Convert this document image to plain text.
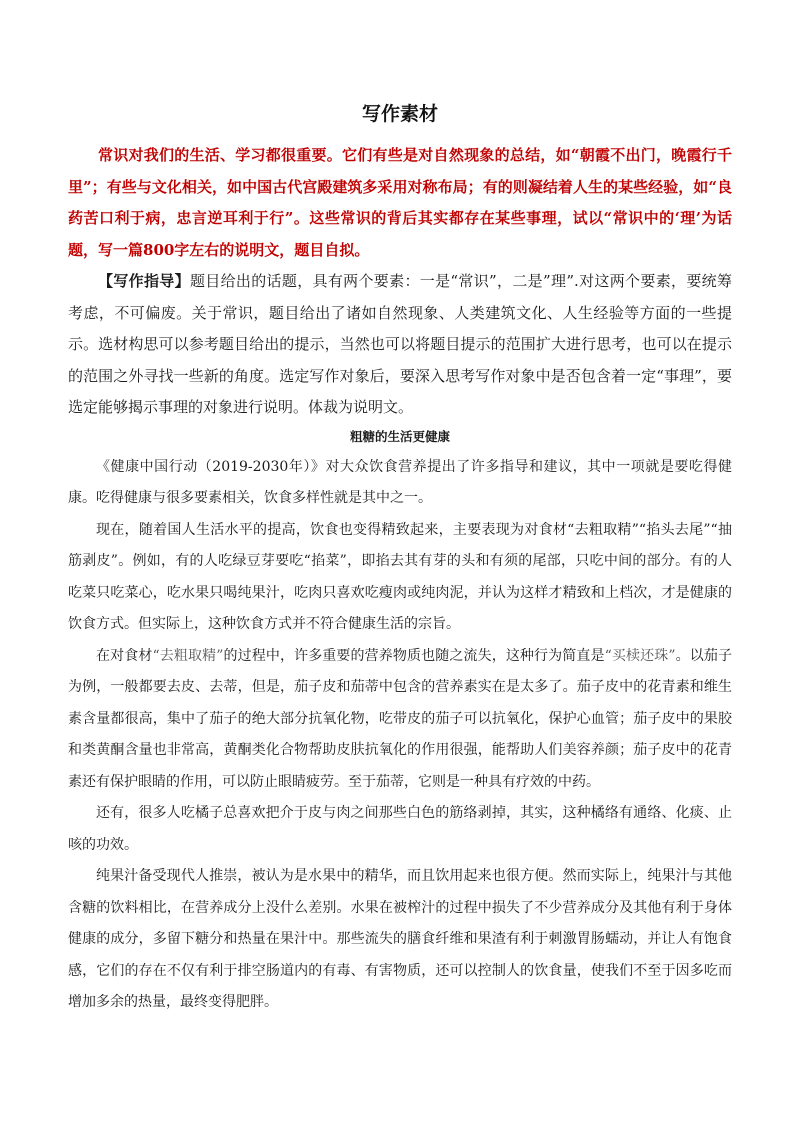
写作素材

常识对我们的生活、学习都很重要。它们有些是对自然现象的总结，如“朝霞不出门，晚霞行千里”；有些与文化相关，如中国古代宫殿建筑多采用对称布局；有的则凝结着人生的某些经验，如“良药苦口利于病，忠言逆耳利于行”。这些常识的背后其实都存在某些事理，试以“常识中的‘理’为话题，写一篇800字左右的说明文，题目自拟。

【写作指导】题目给出的话题，具有两个要素：一是“常识”，二是”理”.对这两个要素，要统筹考虑，不可偏废。关于常识，题目给出了诸如自然现象、人类建筑文化、人生经验等方面的一些提示。选材构思可以参考题目给出的提示，当然也可以将题目提示的范围扩大进行思考，也可以在提示的范围之外寻找一些新的角度。选定写作对象后，要深入思考写作对象中是否包含着一定“事理”，要选定能够揭示事理的对象进行说明。体裁为说明文。

粗糖的生活更健康

《健康中国行动（2019-2030年）》对大众饮食营养提出了许多指导和建议，其中一项就是要吃得健康。吃得健康与很多要素相关，饮食多样性就是其中之一。

现在，随着国人生活水平的提高，饮食也变得精致起来，主要表现为对食材“去粗取精”“掐头去尾”“抽筋剥皮”。例如，有的人吃绿豆芽要吃“掐菜”，即掐去其有芽的头和有须的尾部，只吃中间的部分。有的人吃菜只吃菜心，吃水果只喝纯果汁，吃肉只喜欢吃瘦肉或纯肉泥，并认为这样才精致和上档次，才是健康的饮食方式。但实际上，这种饮食方式并不符合健康生活的宗旨。

在对食材“去粗取精”的过程中，许多重要的营养物质也随之流失，这种行为简直是“买椟还珠”。以茄子为例，一般都要去皮、去蒂，但是，茄子皮和茄蒂中包含的营养素实在是太多了。茄子皮中的花青素和维生素含量都很高，集中了茄子的绝大部分抗氧化物，吃带皮的茄子可以抗氧化，保护心血管；茄子皮中的果胶和类黄酮含量也非常高，黄酮类化合物帮助皮肤抗氧化的作用很强，能帮助人们美容养颜；茄子皮中的花青素还有保护眼睛的作用，可以防止眼睛疲劳。至于茄蒂，它则是一种具有疗效的中药。

还有，很多人吃橘子总喜欢把介于皮与肉之间那些白色的筋络剥掉，其实，这种橘络有通络、化痰、止咳的功效。

纯果汁备受现代人推崇，被认为是水果中的精华，而且饮用起来也很方便。然而实际上，纯果汁与其他含糖的饮料相比，在营养成分上没什么差别。水果在被榨汁的过程中损失了不少营养成分及其他有利于身体健康的成分，多留下糖分和热量在果汁中。那些流失的膳食纤维和果渣有利于刺激胃肠蠕动，并让人有饱食感，它们的存在不仅有利于排空肠道内的有毒、有害物质，还可以控制人的饮食量，使我们不至于因多吃而增加多余的热量，最终变得肥胖。
